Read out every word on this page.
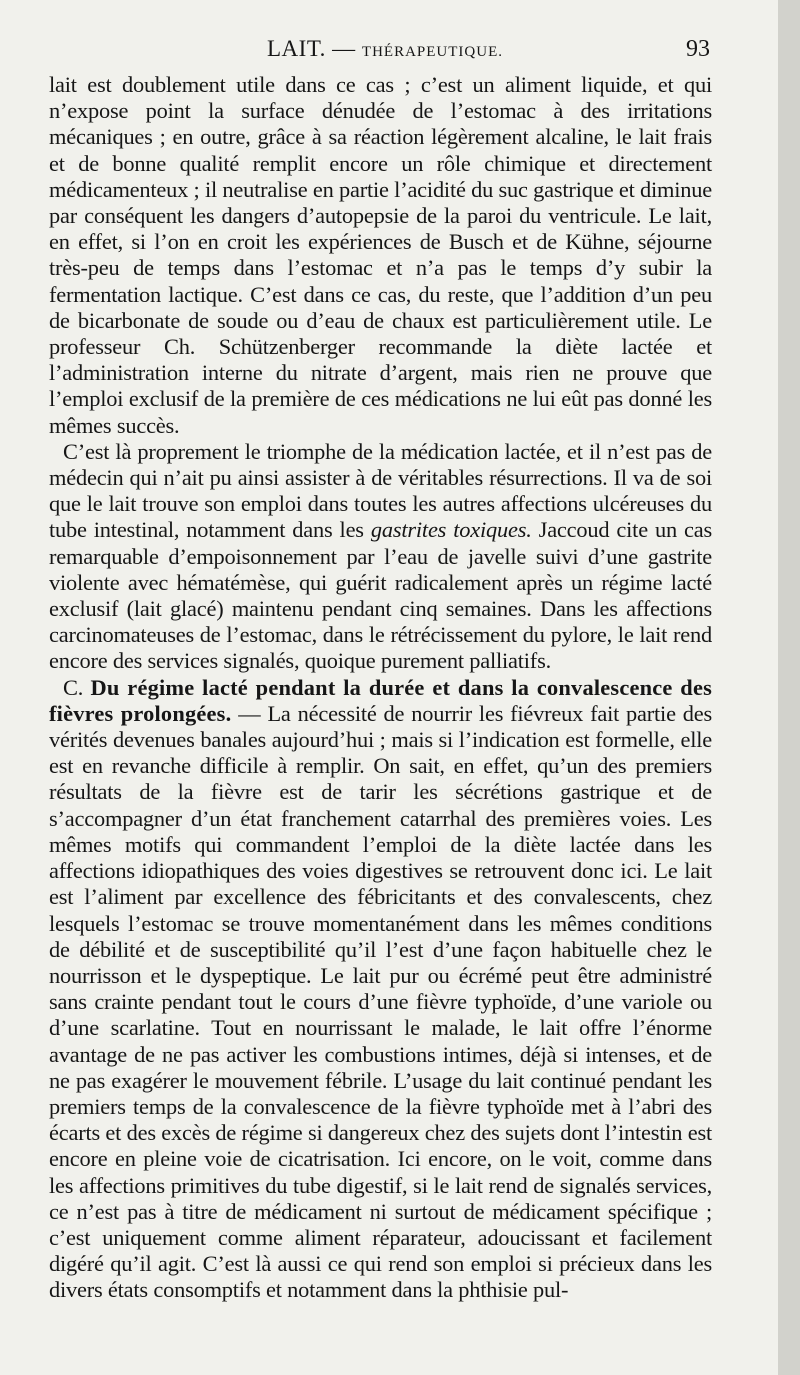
LAIT. — THÉRAPEUTIQUE.	93

lait est doublement utile dans ce cas ; c’est un aliment liquide, et qui n’expose point la surface dénudée de l’estomac à des irritations mécaniques ; en outre, grâce à sa réaction légèrement alcaline, le lait frais et de bonne qualité remplit encore un rôle chimique et directement médicamenteux ; il neutralise en partie l’acidité du suc gastrique et diminue par conséquent les dangers d’autopepsie de la paroi du ventricule. Le lait, en effet, si l’on en croit les expériences de Busch et de Kühne, séjourne très-peu de temps dans l’estomac et n’a pas le temps d’y subir la fermentation lactique. C’est dans ce cas, du reste, que l’addition d’un peu de bicarbonate de soude ou d’eau de chaux est particulièrement utile. Le professeur Ch. Schützenberger recommande la diète lactée et l’administration interne du nitrate d’argent, mais rien ne prouve que l’emploi exclusif de la première de ces médications ne lui eût pas donné les mêmes succès.

C’est là proprement le triomphe de la médication lactée, et il n’est pas de médecin qui n’ait pu ainsi assister à de véritables résurrections. Il va de soi que le lait trouve son emploi dans toutes les autres affections ulcéreuses du tube intestinal, notamment dans les gastrites toxiques. Jaccoud cite un cas remarquable d’empoisonnement par l’eau de javelle suivi d’une gastrite violente avec hématémèse, qui guérit radicalement après un régime lacté exclusif (lait glacé) maintenu pendant cinq semaines. Dans les affections carcinomateuses de l’estomac, dans le rétrécissement du pylore, le lait rend encore des services signalés, quoique purement palliatifs.

C. Du régime lacté pendant la durée et dans la convalescence des fièvres prolongées. — La nécessité de nourrir les fiévreux fait partie des vérités devenues banales aujourd’hui ; mais si l’indication est formelle, elle est en revanche difficile à remplir. On sait, en effet, qu’un des premiers résultats de la fièvre est de tarir les sécrétions gastrique et de s’accompagner d’un état franchement catarrhal des premières voies. Les mêmes motifs qui commandent l’emploi de la diète lactée dans les affections idiopathiques des voies digestives se retrouvent donc ici. Le lait est l’aliment par excellence des fébricitants et des convalescents, chez lesquels l’estomac se trouve momentanément dans les mêmes conditions de débilité et de susceptibilité qu’il l’est d’une façon habituelle chez le nourrisson et le dyspeptique. Le lait pur ou écrémé peut être administré sans crainte pendant tout le cours d’une fièvre typhoïde, d’une variole ou d’une scarlatine. Tout en nourrissant le malade, le lait offre l’énorme avantage de ne pas activer les combustions intimes, déjà si intenses, et de ne pas exagérer le mouvement fébrile. L’usage du lait continué pendant les premiers temps de la convalescence de la fièvre typhoïde met à l’abri des écarts et des excès de régime si dangereux chez des sujets dont l’intestin est encore en pleine voie de cicatrisation. Ici encore, on le voit, comme dans les affections primitives du tube digestif, si le lait rend de signalés services, ce n’est pas à titre de médicament ni surtout de médicament spécifique ; c’est uniquement comme aliment réparateur, adoucissant et facilement digéré qu’il agit. C’est là aussi ce qui rend son emploi si précieux dans les divers états consomptifs et notamment dans la phthisie pul-
